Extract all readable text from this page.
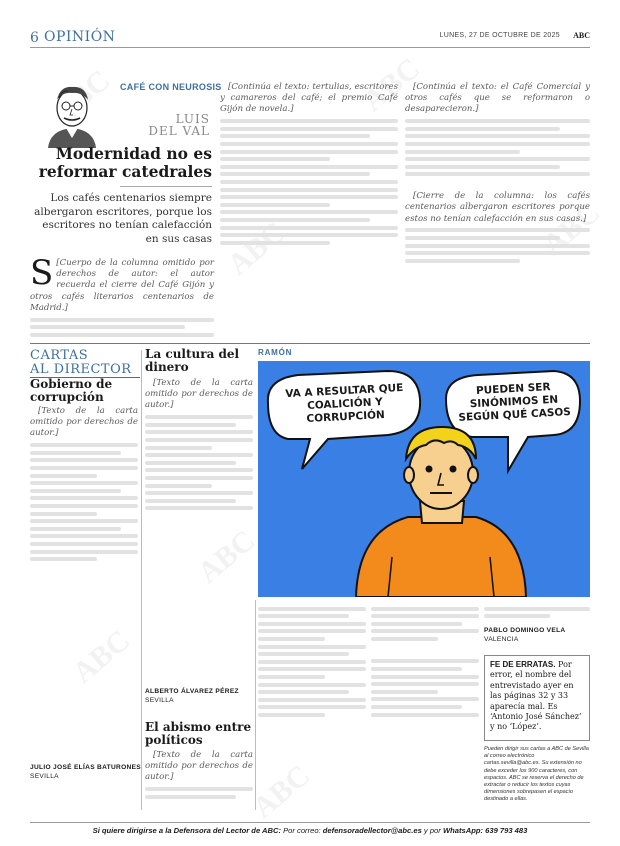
6 OPINIÓN	LUNES, 27 DE OCTUBRE DE 2025 ABC
ABC
ABC	ABC
ABC
ABC
ABC
CAFÉ CON NEUROSIS
LUIS
DEL VAL
Modernidad no es reformar catedrales
Los cafés centenarios siempre albergaron escritores, porque los escritores no tenían calefacción en sus casas
S [Cuerpo de la columna omitido por derechos de autor: el autor recuerda el cierre del Café Gijón y otros cafés literarios centenarios de Madrid.]

[Continúa el texto: tertulias, escritores y camareros del café; el premio Café Gijón de novela.]

[Continúa el texto: el Café Comercial y otros cafés que se reformaron o desaparecieron.]

[Cierre de la columna: los cafés centenarios albergaron escritores porque estos no tenían calefacción en sus casas.]

CARTAS

AL DIRECTOR
Gobierno de corrupción

[Texto de la carta omitido por derechos de autor.]

JULIO JOSÉ ELÍAS BATURONES
SEVILLA
La cultura del dinero

[Texto de la carta omitido por derechos de autor.]

ALBERTO ÁLVAREZ PÉREZ
SEVILLA
El abismo entre políticos

[Texto de la carta omitido por derechos de autor.]

RAMÓN
VA A RESULTAR QUE COALICIÓN Y CORRUPCIÓN
PUEDEN SER SINÓNIMOS EN SEGÚN QUÉ CASOS
PABLO DOMINGO VELA
VALENCIA
FE DE ERRATAS. Por error, el nombre del entrevistado ayer en las páginas 32 y 33 aparecía mal. Es ‘Antonio José Sánchez’ y no ‘López’.
Pueden dirigir sus cartas a ABC de Sevilla al correo electrónico cartas.sevilla@abc.es. Su extensión no debe exceder los 900 caracteres, con espacios. ABC se reserva el derecho de extractar o reducir los textos cuyas dimensiones sobrepasen el espacio destinado a ellas.
Si quiere dirigirse a la Defensora del Lector de ABC: Por correo: defensoradellector@abc.es y por WhatsApp: 639 793 483
